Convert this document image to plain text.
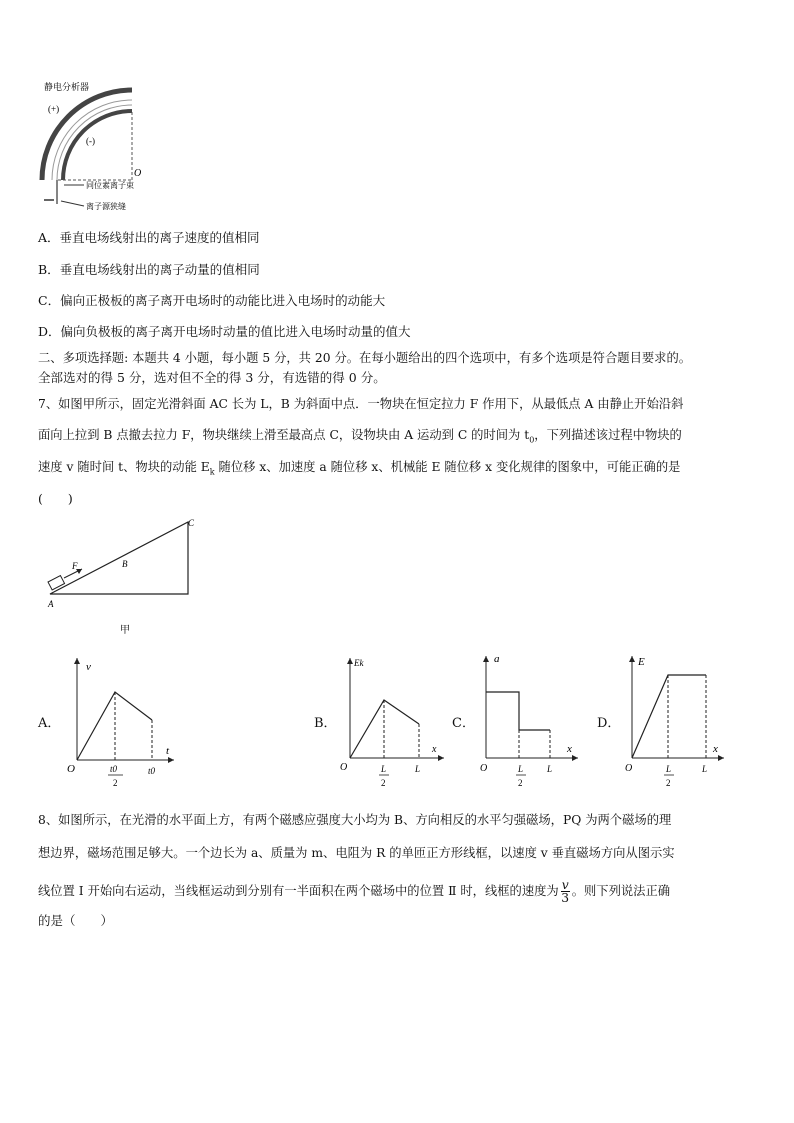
静电分析器
(+)
(-)
O
同位素离子束
离子源狭缝
A．垂直电场线射出的离子速度的值相同
B．垂直电场线射出的离子动量的值相同
C．偏向正极板的离子离开电场时的动能比进入电场时的动能大
D．偏向负极板的离子离开电场时动量的值比进入电场时动量的值大
二、多项选择题: 本题共 4 小题，每小题 5 分，共 20 分。在每小题给出的四个选项中，有多个选项是符合题目要求的。
全部选对的得 5 分，选对但不全的得 3 分，有选错的得 0 分。
7、如图甲所示，固定光滑斜面 AC 长为 L，B 为斜面中点．一物块在恒定拉力 F 作用下，从最低点 A 由静止开始沿斜
面向上拉到 B 点撤去拉力 F，物块继续上滑至最高点 C，设物块由 A 运动到 C 的时间为 $t_0$，下列描述该过程中物块的
速度 v 随时间 t、物块的动能 $E_k$ 随位移 x、加速度 a 随位移 x、机械能 E 随位移 x 变化规律的图象中，可能正确的是
(　　)
F
A
B
C
甲
A．
v
t
O	t0
2
t0
B．
Ek
x
O	L
2
L
C．
a
x
O	L
2
L
D．
E
x
O	L
2
L
8、如图所示，在光滑的水平面上方，有两个磁感应强度大小均为 B、方向相反的水平匀强磁场，PQ 为两个磁场的理
想边界，磁场范围足够大。一个边长为 a、质量为 m、电阻为 R 的单匝正方形线框，以速度 v 垂直磁场方向从图示实
线位置 Ⅰ 开始向右运动，当线框运动到分别有一半面积在两个磁场中的位置 Ⅱ 时，线框的速度为 $\frac{v}{3}$ 。则下列说法正确
的是（　　）
